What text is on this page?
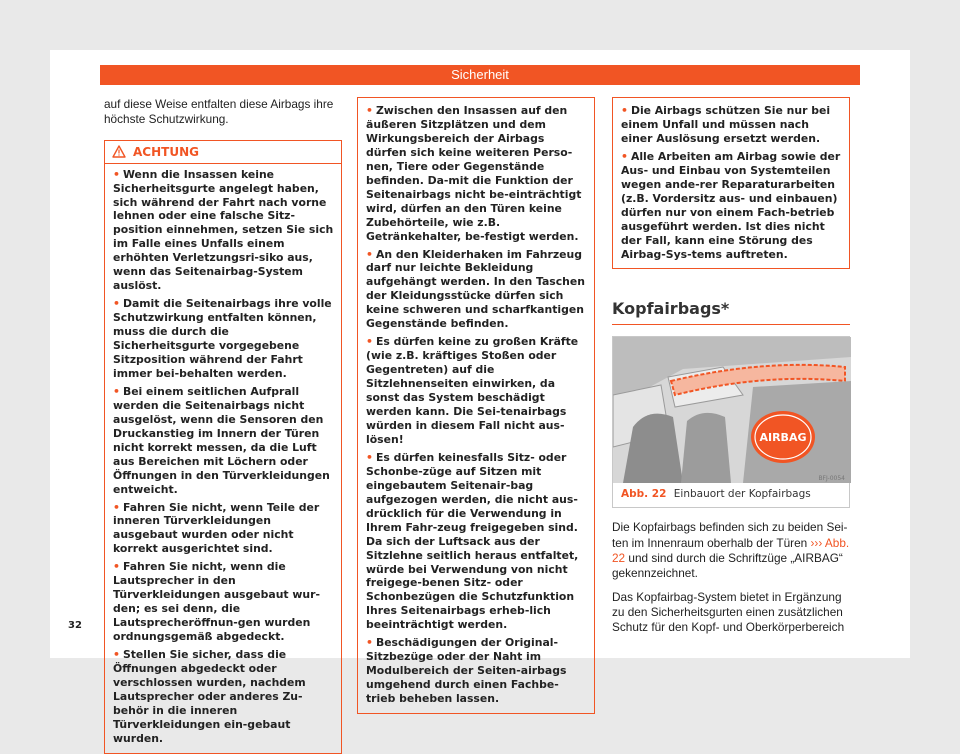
Sicherheit

auf diese Weise entfalten diese Airbags ihre höchste Schutzwirkung.

ACHTUNG
• Wenn die Insassen keine Sicherheitsgurte angelegt haben, sich während der Fahrt nach vorne lehnen oder eine falsche Sitz-position einnehmen, setzen Sie sich im Falle eines Unfalls einem erhöhten Verletzungsri-siko aus, wenn das Seitenairbag-System auslöst.
• Damit die Seitenairbags ihre volle Schutzwirkung entfalten können, muss die durch die Sicherheitsgurte vorgegebene Sitzposition während der Fahrt immer bei-behalten werden.
• Bei einem seitlichen Aufprall werden die Seitenairbags nicht ausgelöst, wenn die Sensoren den Druckanstieg im Innern der Türen nicht korrekt messen, da die Luft aus Bereichen mit Löchern oder Öffnungen in den Türverkleidungen entweicht.
• Fahren Sie nicht, wenn Teile der inneren Türverkleidungen ausgebaut wurden oder nicht korrekt ausgerichtet sind.
• Fahren Sie nicht, wenn die Lautsprecher in den Türverkleidungen ausgebaut wur-den; es sei denn, die Lautsprecheröffnun-gen wurden ordnungsgemäß abgedeckt.
• Stellen Sie sicher, dass die Öffnungen abgedeckt oder verschlossen wurden, nachdem Lautsprecher oder anderes Zu-behör in die inneren Türverkleidungen ein-gebaut wurden.
• Zwischen den Insassen auf den äußeren Sitzplätzen und dem Wirkungsbereich der Airbags dürfen sich keine weiteren Perso-nen, Tiere oder Gegenstände befinden. Da-mit die Funktion der Seitenairbags nicht be-einträchtigt wird, dürfen an den Türen keine Zubehörteile, wie z.B. Getränkehalter, be-festigt werden.
• An den Kleiderhaken im Fahrzeug darf nur leichte Bekleidung aufgehängt werden. In den Taschen der Kleidungsstücke dürfen sich keine schweren und scharfkantigen Gegenstände befinden.
• Es dürfen keine zu großen Kräfte (wie z.B. kräftiges Stoßen oder Gegentreten) auf die Sitzlehnenseiten einwirken, da sonst das System beschädigt werden kann. Die Sei-tenairbags würden in diesem Fall nicht aus-lösen!
• Es dürfen keinesfalls Sitz- oder Schonbe-züge auf Sitzen mit eingebautem Seitenair-bag aufgezogen werden, die nicht aus-drücklich für die Verwendung in Ihrem Fahr-zeug freigegeben sind. Da sich der Luftsack aus der Sitzlehne seitlich heraus entfaltet, würde bei Verwendung von nicht freigege-benen Sitz- oder Schonbezügen die Schutzfunktion Ihres Seitenairbags erheb-lich beeinträchtigt werden.
• Beschädigungen der Original-Sitzbezüge oder der Naht im Modulbereich der Seiten-airbags umgehend durch einen Fachbe-trieb beheben lassen.
• Die Airbags schützen Sie nur bei einem Unfall und müssen nach einer Auslösung ersetzt werden.
• Alle Arbeiten am Airbag sowie der Aus- und Einbau von Systemteilen wegen ande-rer Reparaturarbeiten (z.B. Vordersitz aus- und einbauen) dürfen nur von einem Fach-betrieb ausgeführt werden. Ist dies nicht der Fall, kann eine Störung des Airbag-Sys-tems auftreten.
Kopfairbags*
AIRBAG
BFJ-0054
Abb. 22 Einbauort der Kopfairbags

Die Kopfairbags befinden sich zu beiden Sei-ten im Innenraum oberhalb der Türen ››› Abb. 22 und sind durch die Schriftzüge „AIRBAG“ gekennzeichnet.

Das Kopfairbag-System bietet in Ergänzung zu den Sicherheitsgurten einen zusätzlichen Schutz für den Kopf- und Oberkörperbereich

32
